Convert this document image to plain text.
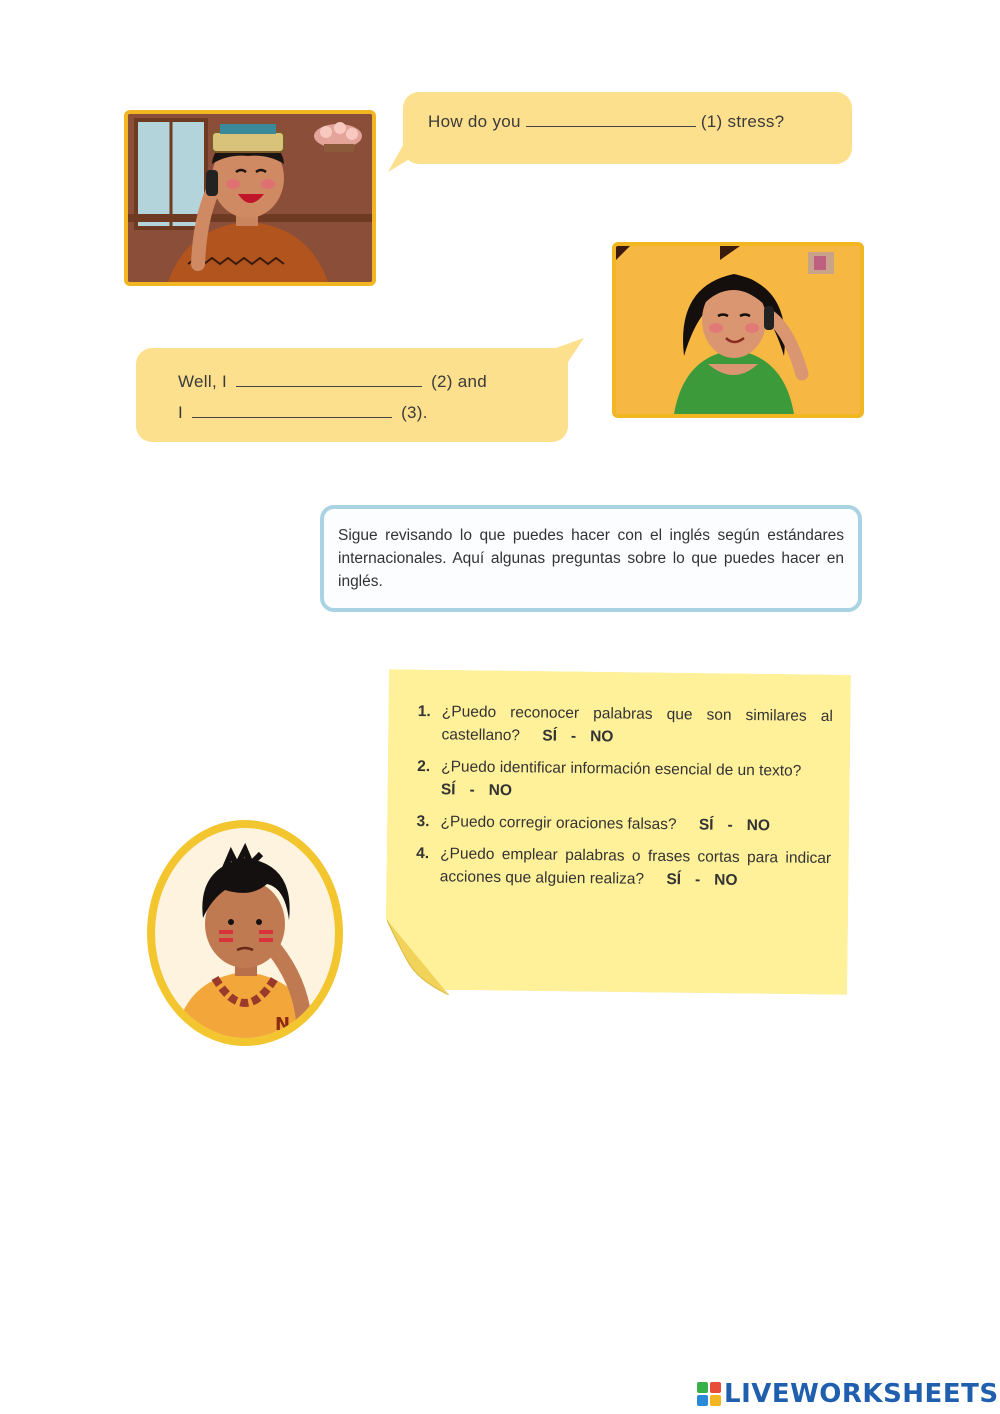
How do you	(1) stress?
Well, I	(2) and
I	(3).
Sigue revisando lo que puedes hacer con el inglés según estándares internacionales. Aquí algunas preguntas sobre lo que puedes hacer en inglés.
1. ¿Puedo reconocer palabras que son similares al castellano? SÍ - NO
2. ¿Puedo identificar información esencial de un texto?
SÍ - NO
3. ¿Puedo corregir oraciones falsas? SÍ - NO
4. ¿Puedo emplear palabras o frases cortas para indicar acciones que alguien realiza? SÍ - NO
N
LIVEWORKSHEETS
